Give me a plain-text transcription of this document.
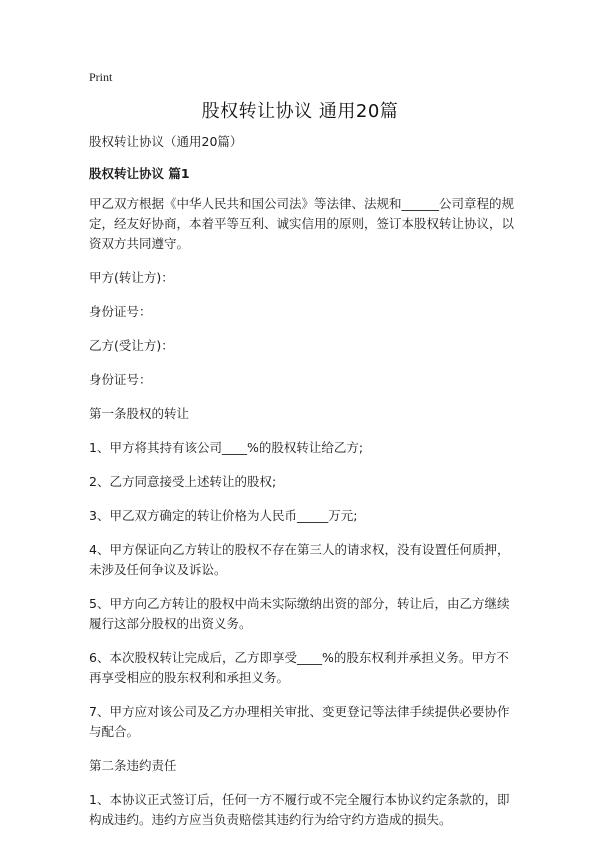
Print
股权转让协议 通用20篇

股权转让协议（通用20篇）

股权转让协议 篇1

甲乙双方根据《中华人民共和国公司法》等法律、法规和______公司章程的规定，经友好协商，本着平等互利、诚实信用的原则，签订本股权转让协议，以资双方共同遵守。

甲方(转让方)：

身份证号：

乙方(受让方)：

身份证号：

第一条股权的转让

1、甲方将其持有该公司____%的股权转让给乙方;

2、乙方同意接受上述转让的股权;

3、甲乙双方确定的转让价格为人民币_____万元;

4、甲方保证向乙方转让的股权不存在第三人的请求权，没有设置任何质押，未涉及任何争议及诉讼。

5、甲方向乙方转让的股权中尚未实际缴纳出资的部分，转让后，由乙方继续履行这部分股权的出资义务。

6、本次股权转让完成后，乙方即享受____%的股东权利并承担义务。甲方不再享受相应的股东权利和承担义务。

7、甲方应对该公司及乙方办理相关审批、变更登记等法律手续提供必要协作与配合。

第二条违约责任

1、本协议正式签订后，任何一方不履行或不完全履行本协议约定条款的，即构成违约。违约方应当负责赔偿其违约行为给守约方造成的损失。
